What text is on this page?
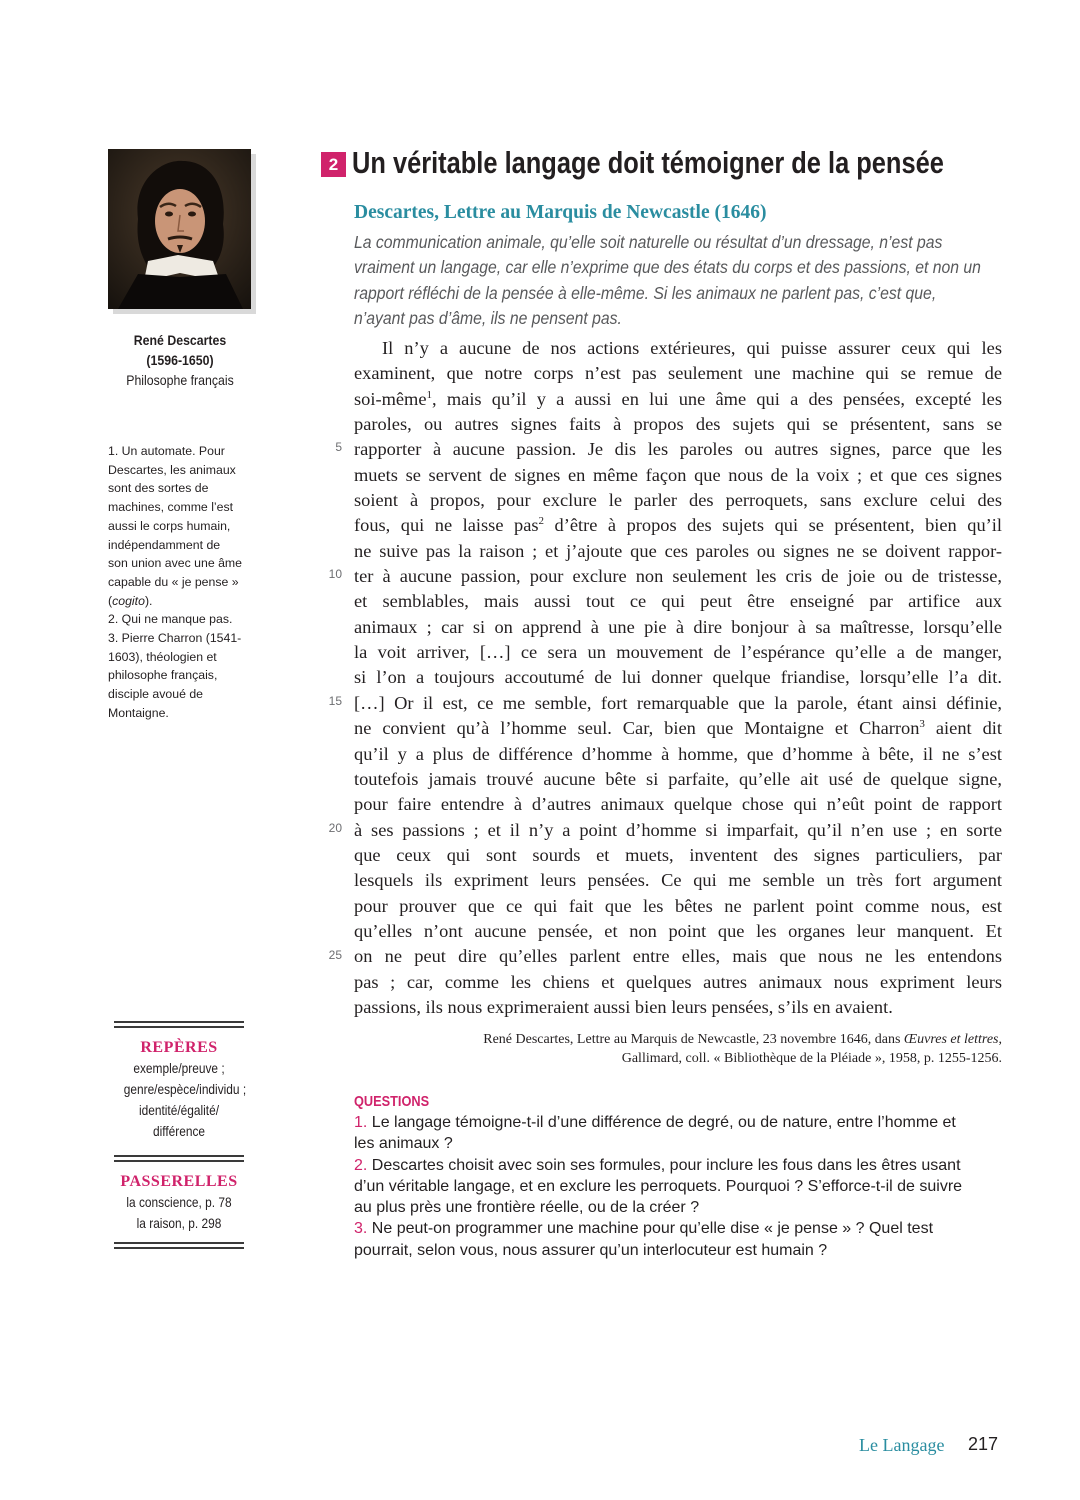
René Descartes
(1596-1650)
Philosophe français

1. Un automate. Pour

Descartes, les animaux

sont des sortes de

machines, comme l’est

aussi le corps humain,

indépendamment de

son union avec une âme

capable du « je pense »

(cogito).

2. Qui ne manque pas.

3. Pierre Charron (1541-

1603), théologien et

philosophe français,

disciple avoué de

Montaigne.

REPÈRES
exemple/preuve ;
genre/espèce/individu ;
identité/égalité/
différence
PASSERELLES
la conscience, p. 78
la raison, p. 298
2 Un véritable langage doit témoigner de la pensée
Descartes, Lettre au Marquis de Newcastle (1646)
La communication animale, qu’elle soit naturelle ou résultat d’un dressage, n’est pas vraiment un langage, car elle n’exprime que des états du corps et des passions, et non un rapport réfléchi de la pensée à elle-même. Si les animaux ne parlent pas, c’est que, n’ayant pas d’âme, ils ne pensent pas.
Il n’y a aucune de nos actions extérieures, qui puisse assurer ceux qui les
examinent, que notre corps n’est pas seulement une machine qui se remue de
soi-même$^1$, mais qu’il y a aussi en lui une âme qui a des pensées, excepté les
paroles, ou autres signes faits à propos des sujets qui se présentent, sans se
rapporter à aucune passion. Je dis les paroles ou autres signes, parce que les
muets se servent de signes en même façon que nous de la voix ; et que ces signes
soient à propos, pour exclure le parler des perroquets, sans exclure celui des
fous, qui ne laisse pas$^2$ d’être à propos des sujets qui se présentent, bien qu’il
ne suive pas la raison ; et j’ajoute que ces paroles ou signes ne se doivent rappor-
ter à aucune passion, pour exclure non seulement les cris de joie ou de tristesse,
et semblables, mais aussi tout ce qui peut être enseigné par artifice aux
animaux ; car si on apprend à une pie à dire bonjour à sa maîtresse, lorsqu’elle
la voit arriver, […] ce sera un mouvement de l’espérance qu’elle a de manger,
si l’on a toujours accoutumé de lui donner quelque friandise, lorsqu’elle l’a dit.
[…] Or il est, ce me semble, fort remarquable que la parole, étant ainsi définie,
ne convient qu’à l’homme seul. Car, bien que Montaigne et Charron$^3$ aient dit
qu’il y a plus de différence d’homme à homme, que d’homme à bête, il ne s’est
toutefois jamais trouvé aucune bête si parfaite, qu’elle ait usé de quelque signe,
pour faire entendre à d’autres animaux quelque chose qui n’eût point de rapport
à ses passions ; et il n’y a point d’homme si imparfait, qu’il n’en use ; en sorte
que ceux qui sont sourds et muets, inventent des signes particuliers, par
lesquels ils expriment leurs pensées. Ce qui me semble un très fort argument
pour prouver que ce qui fait que les bêtes ne parlent point comme nous, est
qu’elles n’ont aucune pensée, et non point que les organes leur manquent. Et
on ne peut dire qu’elles parlent entre elles, mais que nous ne les entendons
pas ; car, comme les chiens et quelques autres animaux nous expriment leurs
passions, ils nous exprimeraient aussi bien leurs pensées, s’ils en avaient.
5
10
15
20
25
René Descartes, Lettre au Marquis de Newcastle, 23 novembre 1646, dans Œuvres et lettres,
Gallimard, coll. « Bibliothèque de la Pléiade », 1958, p. 1255-1256.
QUESTIONS
1. Le langage témoigne-t-il d’une différence de degré, ou de nature, entre l’homme et
les animaux ?
2. Descartes choisit avec soin ses formules, pour inclure les fous dans les êtres usant
d’un véritable langage, et en exclure les perroquets. Pourquoi ? S’efforce-t-il de suivre
au plus près une frontière réelle, ou de la créer ?
3. Ne peut-on programmer une machine pour qu’elle dise « je pense » ? Quel test
pourrait, selon vous, nous assurer qu’un interlocuteur est humain ?
Le Langage 217
